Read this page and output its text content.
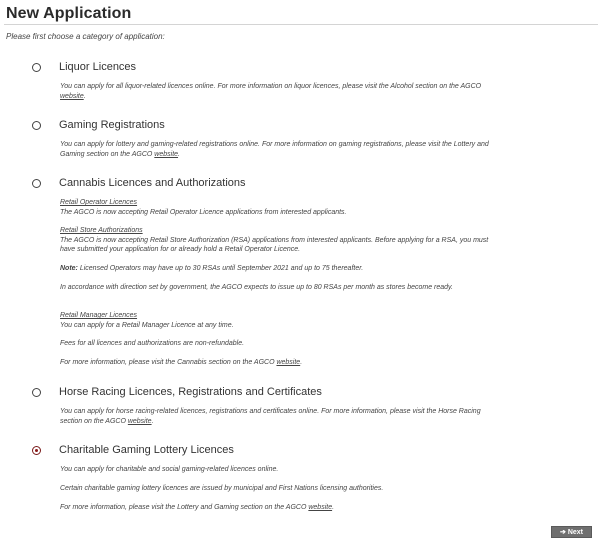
New Application
Please first choose a category of application:
Liquor Licences

You can apply for all liquor-related licences online. For more information on liquor licences, please visit the Alcohol section on the AGCO website.

Gaming Registrations

You can apply for lottery and gaming-related registrations online. For more information on gaming registrations, please visit the Lottery and Gaming section on the AGCO website.

Cannabis Licences and Authorizations

Retail Operator Licences
The AGCO is now accepting Retail Operator Licence applications from interested applicants.

Retail Store Authorizations
The AGCO is now accepting Retail Store Authorization (RSA) applications from interested applicants. Before applying for a RSA, you must have submitted your application for or already hold a Retail Operator Licence.

Note: Licensed Operators may have up to 30 RSAs until September 2021 and up to 75 thereafter.

In accordance with direction set by government, the AGCO expects to issue up to 80 RSAs per month as stores become ready.

Retail Manager Licences
You can apply for a Retail Manager Licence at any time.

Fees for all licences and authorizations are non-refundable.

For more information, please visit the Cannabis section on the AGCO website.

Horse Racing Licences, Registrations and Certificates

You can apply for horse racing-related licences, registrations and certificates online. For more information, please visit the Horse Racing section on the AGCO website.

Charitable Gaming Lottery Licences

You can apply for charitable and social gaming-related licences online.

Certain charitable gaming lottery licences are issued by municipal and First Nations licensing authorities.

For more information, please visit the Lottery and Gaming section on the AGCO website.

➔ Next
